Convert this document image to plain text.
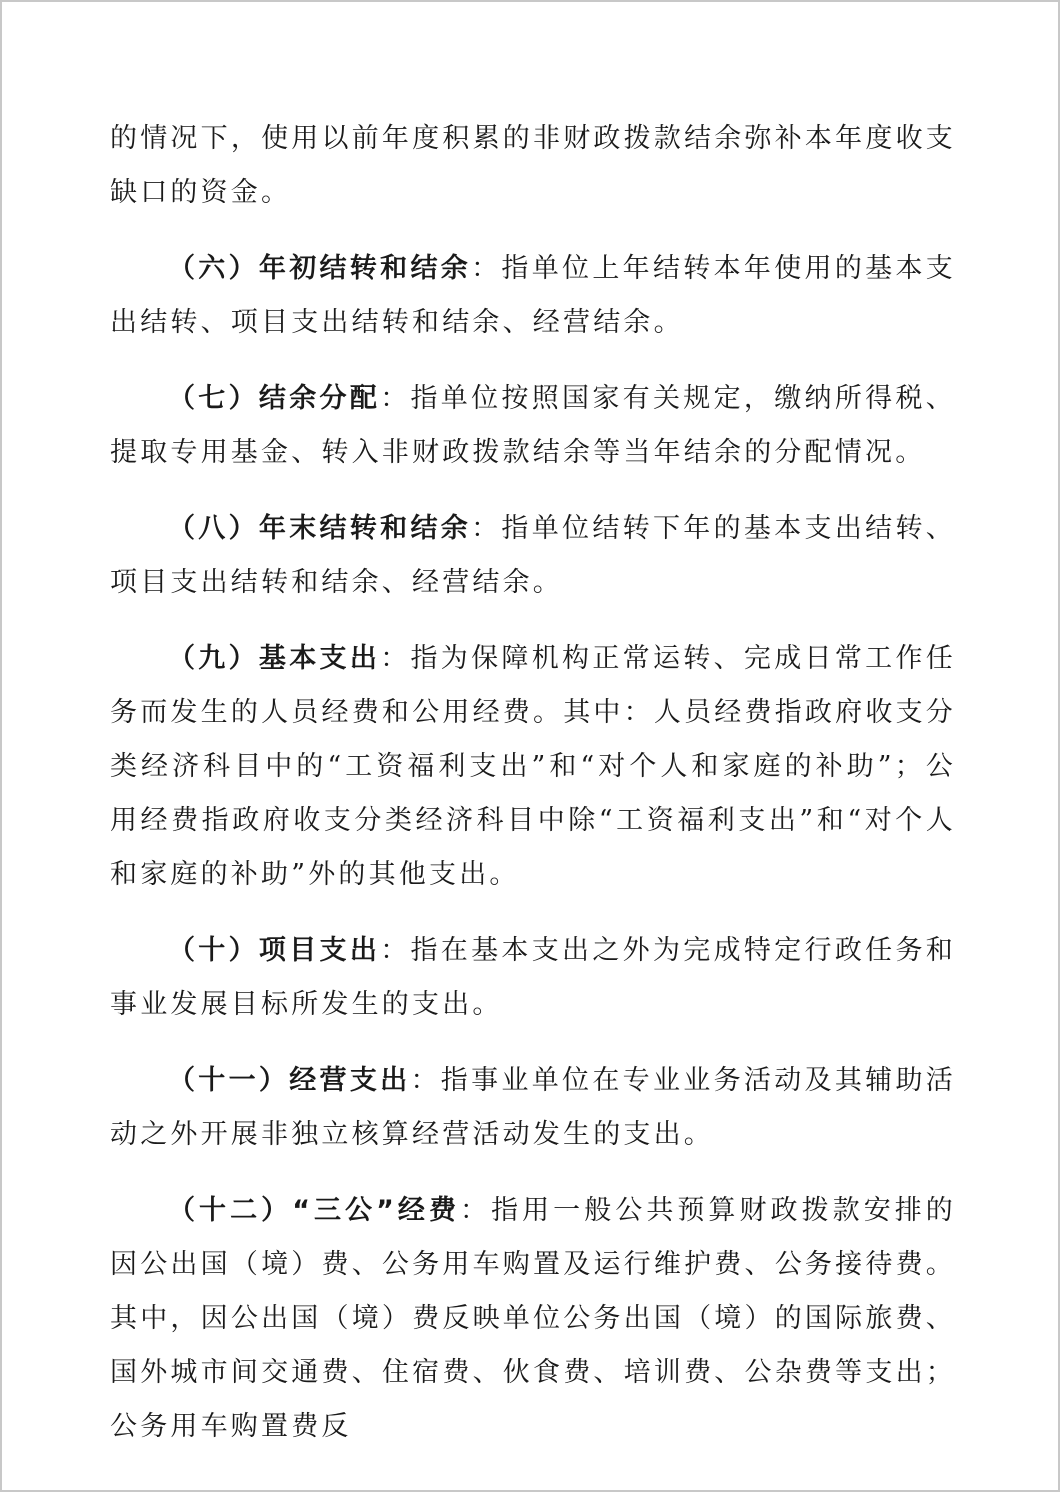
的情况下，使用以前年度积累的非财政拨款结余弥补本年度收支缺口的资金。

（六）年初结转和结余：指单位上年结转本年使用的基本支出结转、项目支出结转和结余、经营结余。

（七）结余分配：指单位按照国家有关规定，缴纳所得税、提取专用基金、转入非财政拨款结余等当年结余的分配情况。

（八）年末结转和结余：指单位结转下年的基本支出结转、项目支出结转和结余、经营结余。

（九）基本支出：指为保障机构正常运转、完成日常工作任务而发生的人员经费和公用经费。其中：人员经费指政府收支分类经济科目中的“工资福利支出”和“对个人和家庭的补助”；公用经费指政府收支分类经济科目中除“工资福利支出”和“对个人和家庭的补助”外的其他支出。

（十）项目支出：指在基本支出之外为完成特定行政任务和事业发展目标所发生的支出。

（十一）经营支出：指事业单位在专业业务活动及其辅助活动之外开展非独立核算经营活动发生的支出。

（十二）“三公”经费：指用一般公共预算财政拨款安排的因公出国（境）费、公务用车购置及运行维护费、公务接待费。其中，因公出国（境）费反映单位公务出国（境）的国际旅费、国外城市间交通费、住宿费、伙食费、培训费、公杂费等支出；公务用车购置费反
